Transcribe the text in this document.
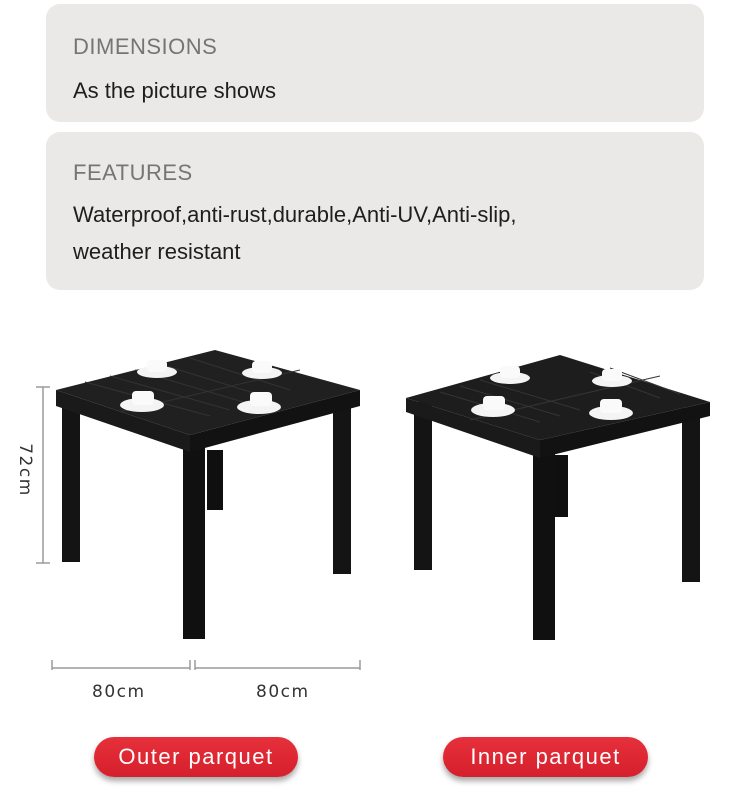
DIMENSIONS
As the picture shows
FEATURES
Waterproof,anti-rust,durable,Anti-UV,Anti-slip,
weather resistant
72cm
80cm	80cm
Outer parquet	Inner parquet
